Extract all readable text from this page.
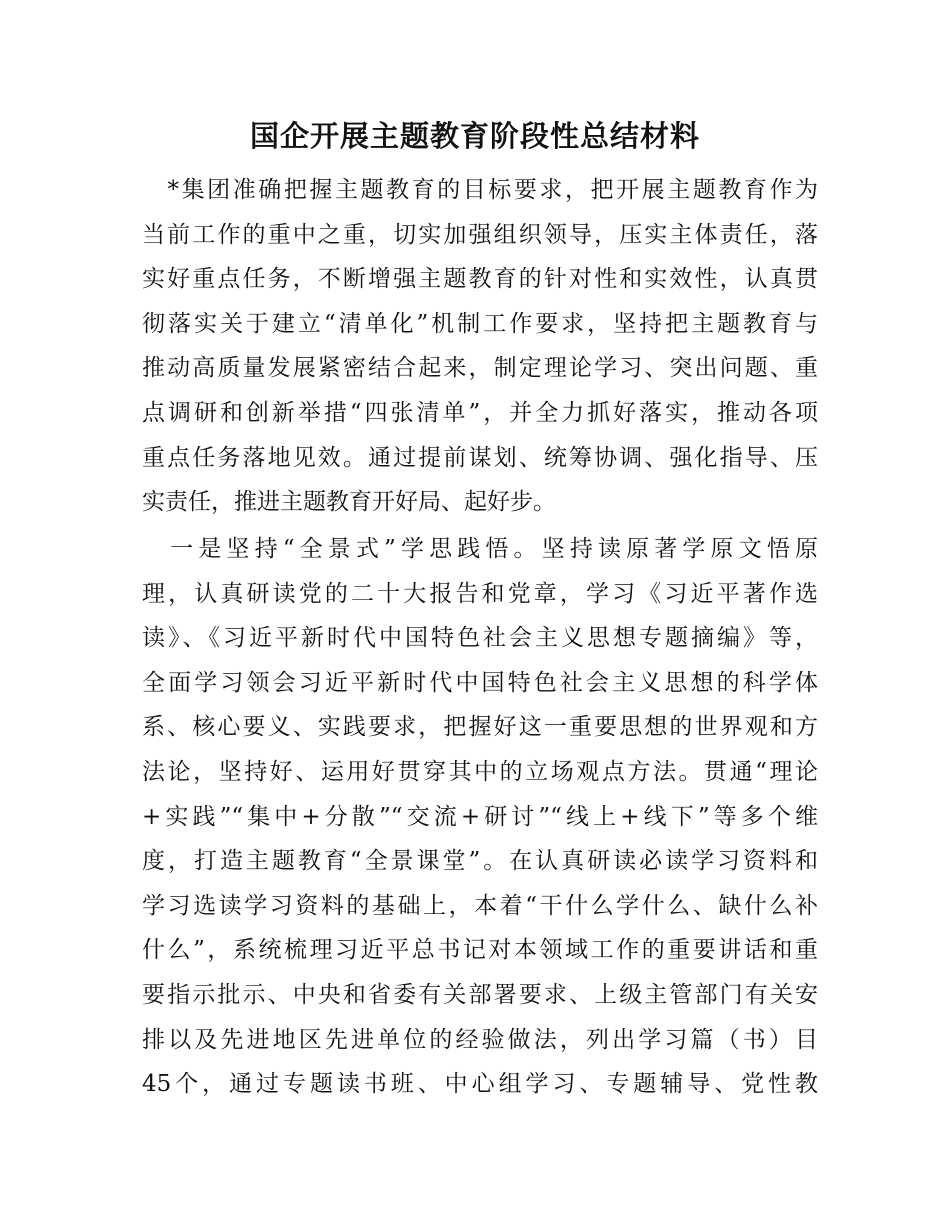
国企开展主题教育阶段性总结材料
　*集团准确把握主题教育的目标要求，把开展主题教育作为
当前工作的重中之重，切实加强组织领导，压实主体责任，落
实好重点任务，不断增强主题教育的针对性和实效性，认真贯
彻落实关于建立“清单化”机制工作要求，坚持把主题教育与
推动高质量发展紧密结合起来，制定理论学习、突出问题、重
点调研和创新举措“四张清单”，并全力抓好落实，推动各项
重点任务落地见效。通过提前谋划、统筹协调、强化指导、压
实责任，推进主题教育开好局、起好步。
　一是坚持“全景式”学思践悟。坚持读原著学原文悟原
理，认真研读党的二十大报告和党章，学习《习近平著作选
读》、《习近平新时代中国特色社会主义思想专题摘编》等，
全面学习领会习近平新时代中国特色社会主义思想的科学体
系、核心要义、实践要求，把握好这一重要思想的世界观和方
法论，坚持好、运用好贯穿其中的立场观点方法。贯通“理论
+实践”“集中+分散”“交流+研讨”“线上+线下”等多个维
度，打造主题教育“全景课堂”。在认真研读必读学习资料和
学习选读学习资料的基础上，本着“干什么学什么、缺什么补
什么”，系统梳理习近平总书记对本领域工作的重要讲话和重
要指示批示、中央和省委有关部署要求、上级主管部门有关安
排以及先进地区先进单位的经验做法，列出学习篇（书）目
45个，通过专题读书班、中心组学习、专题辅导、党性教
